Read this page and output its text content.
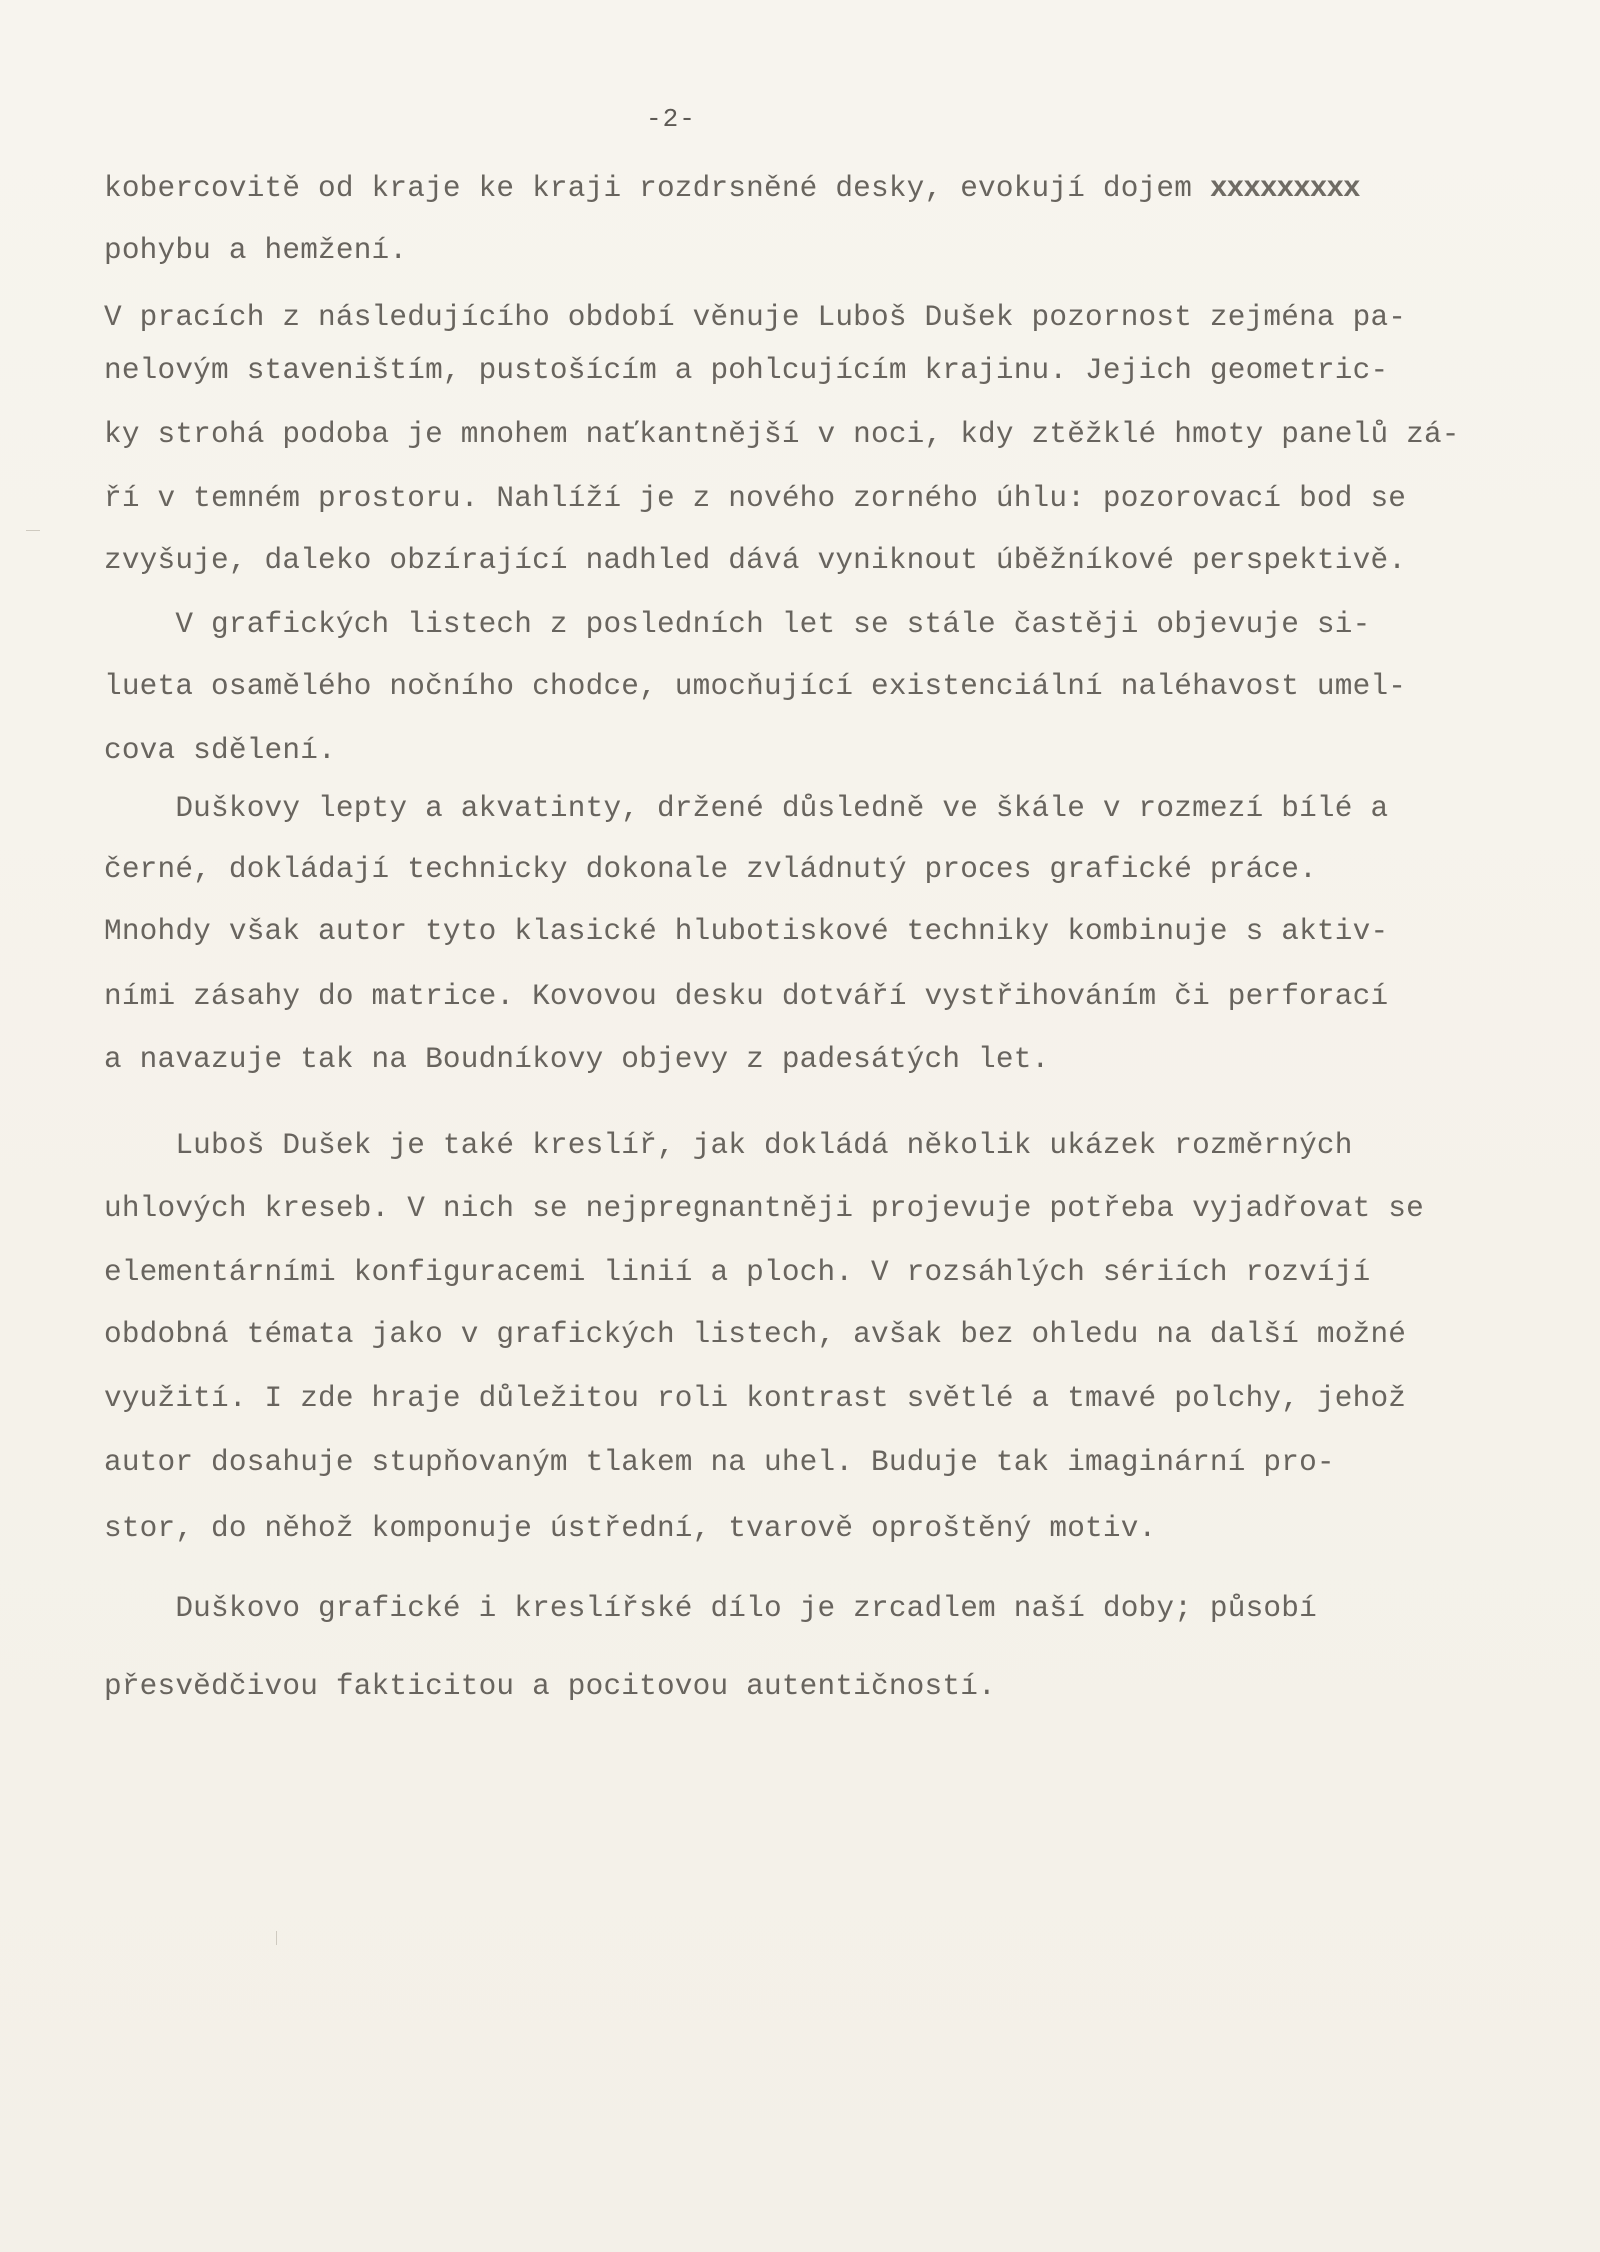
-2-
kobercovitě od kraje ke kraji rozdrsněné desky, evokují dojem xxxxxxxxx
pohybu a hemžení.
V pracích z následujícího období věnuje Luboš Dušek pozornost zejména pa-
nelovým staveništím, pustošícím a pohlcujícím krajinu. Jejich geometric-
ky strohá podoba je mnohem naťkantnější v noci, kdy ztěžklé hmoty panelů zá-
ří v temném prostoru. Nahlíží je z nového zorného úhlu: pozorovací bod se
zvyšuje, daleko obzírající nadhled dává vyniknout úběžníkové perspektivě.
V grafických listech z posledních let se stále častěji objevuje si-
lueta osamělého nočního chodce, umocňující existenciální naléhavost umel-
cova sdělení.
Duškovy lepty a akvatinty, držené důsledně ve škále v rozmezí bílé a
černé, dokládají technicky dokonale zvládnutý proces grafické práce.
Mnohdy však autor tyto klasické hlubotiskové techniky kombinuje s aktiv-
ními zásahy do matrice. Kovovou desku dotváří vystřihováním či perforací
a navazuje tak na Boudníkovy objevy z padesátých let.
Luboš Dušek je také kreslíř, jak dokládá několik ukázek rozměrných
uhlových kreseb. V nich se nejpregnantněji projevuje potřeba vyjadřovat se
elementárními konfiguracemi linií a ploch. V rozsáhlých sériích rozvíjí
obdobná témata jako v grafických listech, avšak bez ohledu na další možné
využití. I zde hraje důležitou roli kontrast světlé a tmavé polchy, jehož
autor dosahuje stupňovaným tlakem na uhel. Buduje tak imaginární pro-
stor, do něhož komponuje ústřední, tvarově oproštěný motiv.
Duškovo grafické i kreslířské dílo je zrcadlem naší doby; působí
přesvědčivou fakticitou a pocitovou autentičností.
